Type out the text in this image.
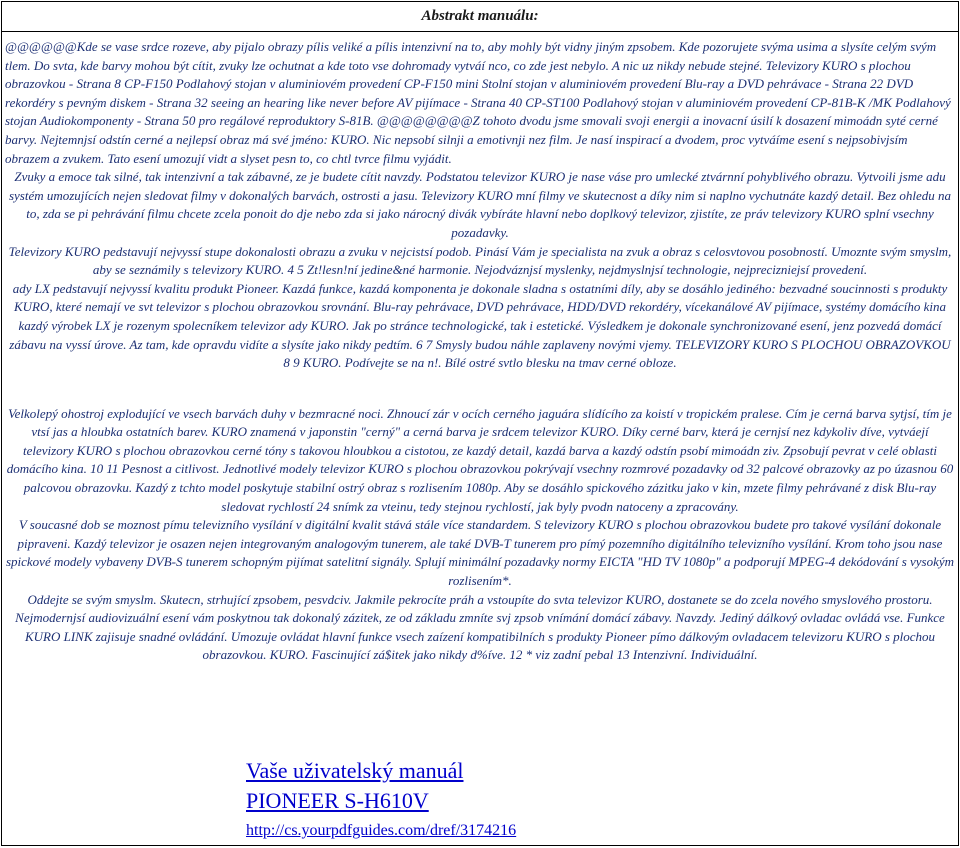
Abstrakt manuálu:

@@@@@@Kde se vase srdce rozeve, aby pijalo obrazy pílis veliké a pílis intenzivní na to, aby mohly být vidny jiným zpsobem. Kde pozorujete svýma usima a slysíte celým svým tlem. Do svta, kde barvy mohou být cítit, zvuky lze ochutnat a kde toto vse dohromady vytváí nco, co zde jest nebylo. A nic uz nikdy nebude stejné. Televizory KURO s plochou obrazovkou - Strana 8 CP-F150 Podlahový stojan v aluminiovém provedení CP-F150 mini Stolní stojan v aluminiovém provedení Blu-ray a DVD pehrávace - Strana 22 DVD rekordéry s pevným diskem - Strana 32 seeing an hearing like never before AV pijímace - Strana 40 CP-ST100 Podlahový stojan v aluminiovém provedení CP-81B-K /MK Podlahový stojan Audiokomponenty - Strana 50 pro regálové reproduktory S-81B. @@@@@@@@Z tohoto dvodu jsme smovali svoji energii a inovacní úsilí k dosazení mimoádn syté cerné barvy. Nejtemnjsí odstín cerné a nejlepsí obraz má své jméno: KURO. Nic nepsobí silnji a emotivnji nez film. Je nasí inspirací a dvodem, proc vytváíme esení s nejpsobivjsím obrazem a zvukem. Tato esení umozují vidt a slyset pesn to, co chtl tvrce filmu vyjádit.

Zvuky a emoce tak silné, tak intenzivní a tak zábavné, ze je budete cítit navzdy. Podstatou televizor KURO je nase váse pro umlecké ztvárnní pohyblivého obrazu. Vytvoili jsme adu systém umozujících nejen sledovat filmy v dokonalých barvách, ostrosti a jasu. Televizory KURO mní filmy ve skutecnost a díky nim si naplno vychutnáte kazdý detail. Bez ohledu na to, zda se pi pehrávání filmu chcete zcela ponoit do dje nebo zda si jako nárocný divák vybíráte hlavní nebo doplkový televizor, zjistíte, ze práv televizory KURO splní vsechny pozadavky.

Televizory KURO pedstavují nejvyssí stupe dokonalosti obrazu a zvuku v nejcistsí podob. Pinásí Vám je specialista na zvuk a obraz s celosvtovou posobností. Umoznte svým smyslm, aby se seznámily s televizory KURO. 4 5 Zt!lesn!ní jedine&né harmonie. Nejodváznjsí myslenky, nejdmyslnjsí technologie, nejprecizniejsí provedení.

ady LX pedstavují nejvyssí kvalitu produkt Pioneer. Kazdá funkce, kazdá komponenta je dokonale sladna s ostatními díly, aby se dosáhlo jediného: bezvadné soucinnosti s produkty KURO, které nemají ve svt televizor s plochou obrazovkou srovnání. Blu-ray pehrávace, DVD pehrávace, HDD/DVD rekordéry, vícekanálové AV pijímace, systémy domácího kina kazdý výrobek LX je rozenym spolecníkem televizor ady KURO. Jak po stránce technologické, tak i estetické. Výsledkem je dokonale synchronizované esení, jenz pozvedá domácí zábavu na vyssí úrove. Az tam, kde opravdu vidíte a slysíte jako nikdy pedtím. 6 7 Smysly budou náhle zaplaveny novými vjemy. TELEVIZORY KURO S PLOCHOU OBRAZOVKOU 8 9 KURO. Podívejte se na n!. Bílé ostré svtlo blesku na tmav cerné obloze.

Velkolepý ohostroj explodující ve vsech barvách duhy v bezmracné noci. Zhnoucí zár v ocích cerného jaguára slídícího za koistí v tropickém pralese. Cím je cerná barva sytjsí, tím je vtsí jas a hloubka ostatních barev. KURO znamená v japonstin "cerný" a cerná barva je srdcem televizor KURO. Díky cerné barv, která je cernjsí nez kdykoliv díve, vytváejí televizory KURO s plochou obrazovkou cerné tóny s takovou hloubkou a cistotou, ze kazdý detail, kazdá barva a kazdý odstín psobí mimoádn ziv. Zpsobují pevrat v celé oblasti domácího kina. 10 11 Pesnost a citlivost. Jednotlivé modely televizor KURO s plochou obrazovkou pokrývají vsechny rozmrové pozadavky od 32 palcové obrazovky az po úzasnou 60 palcovou obrazovku. Kazdý z tchto model poskytuje stabilní ostrý obraz s rozlisením 1080p. Aby se dosáhlo spickového zázitku jako v kin, mzete filmy pehrávané z disk Blu-ray sledovat rychlostí 24 snímk za vteinu, tedy stejnou rychlostí, jak byly pvodn natoceny a zpracovány.

V soucasné dob se moznost pímu televizního vysílání v digitální kvalit stává stále více standardem. S televizory KURO s plochou obrazovkou budete pro takové vysílání dokonale pipraveni. Kazdý televizor je osazen nejen integrovaným analogovým tunerem, ale také DVB-T tunerem pro pímý pozemního digitálního televizního vysílání. Krom toho jsou nase spickové modely vybaveny DVB-S tunerem schopným pijímat satelitní signály. Splují minimální pozadavky normy EICTA "HD TV 1080p" a podporují MPEG-4 dekódování s vysokým rozlisením*.

Oddejte se svým smyslm. Skutecn, strhující zpsobem, pesvdciv. Jakmile pekrocíte práh a vstoupíte do svta televizor KURO, dostanete se do zcela nového smyslového prostoru. Nejmodernjsí audiovizuální esení vám poskytnou tak dokonalý zázitek, ze od základu zmníte svj zpsob vnímání domácí zábavy. Navzdy. Jediný dálkový ovladac ovládá vse. Funkce KURO LINK zajisuje snadné ovládání. Umozuje ovládat hlavní funkce vsech zaízení kompatibilních s produkty Pioneer pímo dálkovým ovladacem televizoru KURO s plochou obrazovkou. KURO. Fascinující zá$itek jako nikdy d%íve. 12 * viz zadní pebal 13 Intenzivní. Individuální.

Vaše uživatelský manuál
PIONEER S-H610V
http://cs.yourpdfguides.com/dref/3174216
